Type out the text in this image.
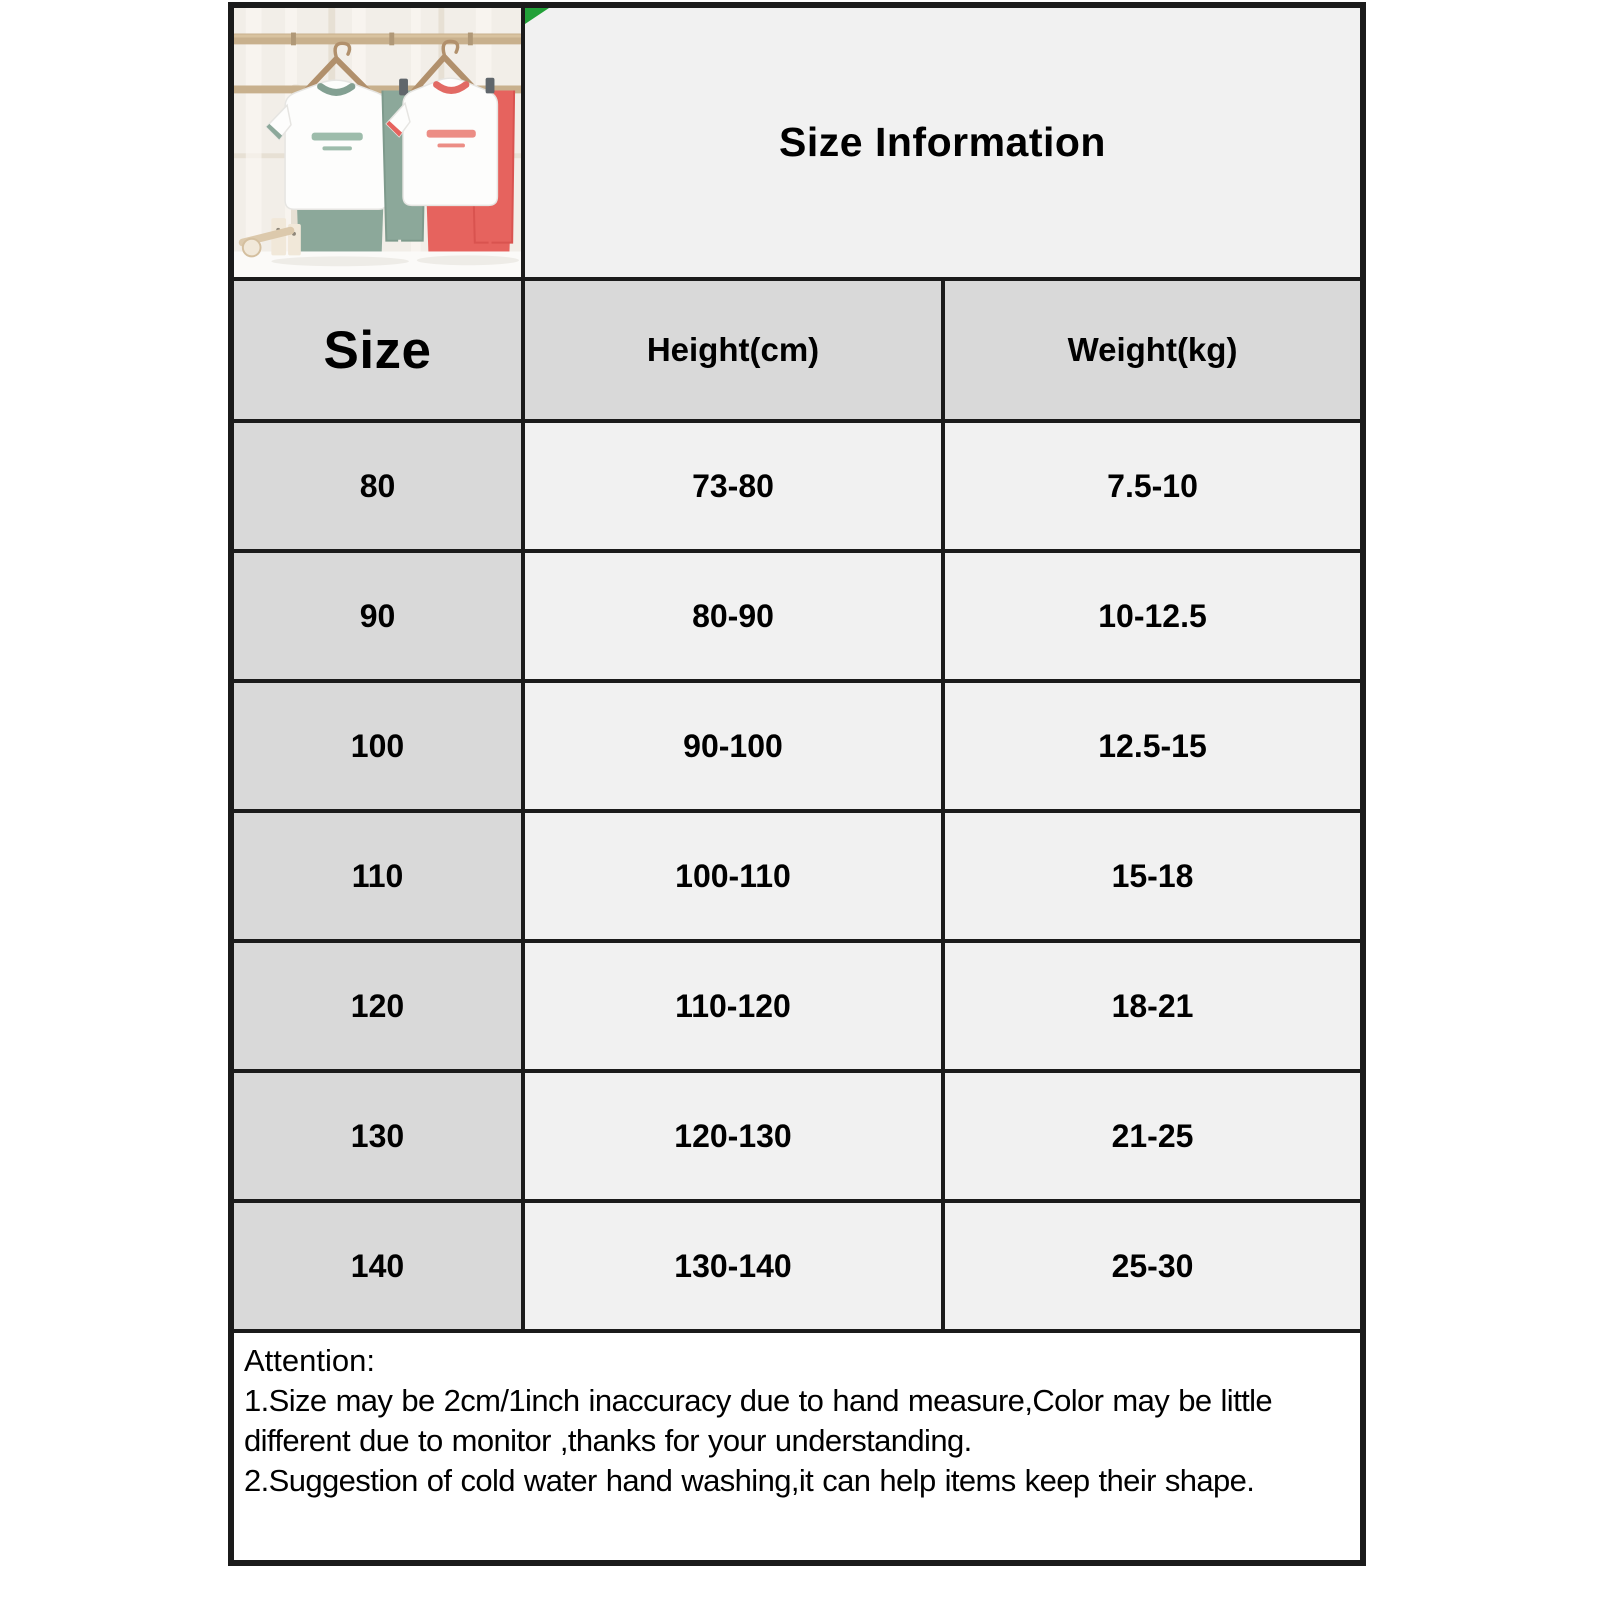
Size Information	
Size	Height(cm)	Weight(kg)
80	73-80	7.5-10
90	80-90	10-12.5
100	90-100	12.5-15
110	100-110	15-18
120	110-120	18-21
130	120-130	21-25
140	130-140	25-30

Attention:
1.Size may be 2cm/1inch inaccuracy due to hand measure,Color may be little different due to monitor ,thanks for your understanding.
2.Suggestion of cold water hand washing,it can help items keep their shape.		
